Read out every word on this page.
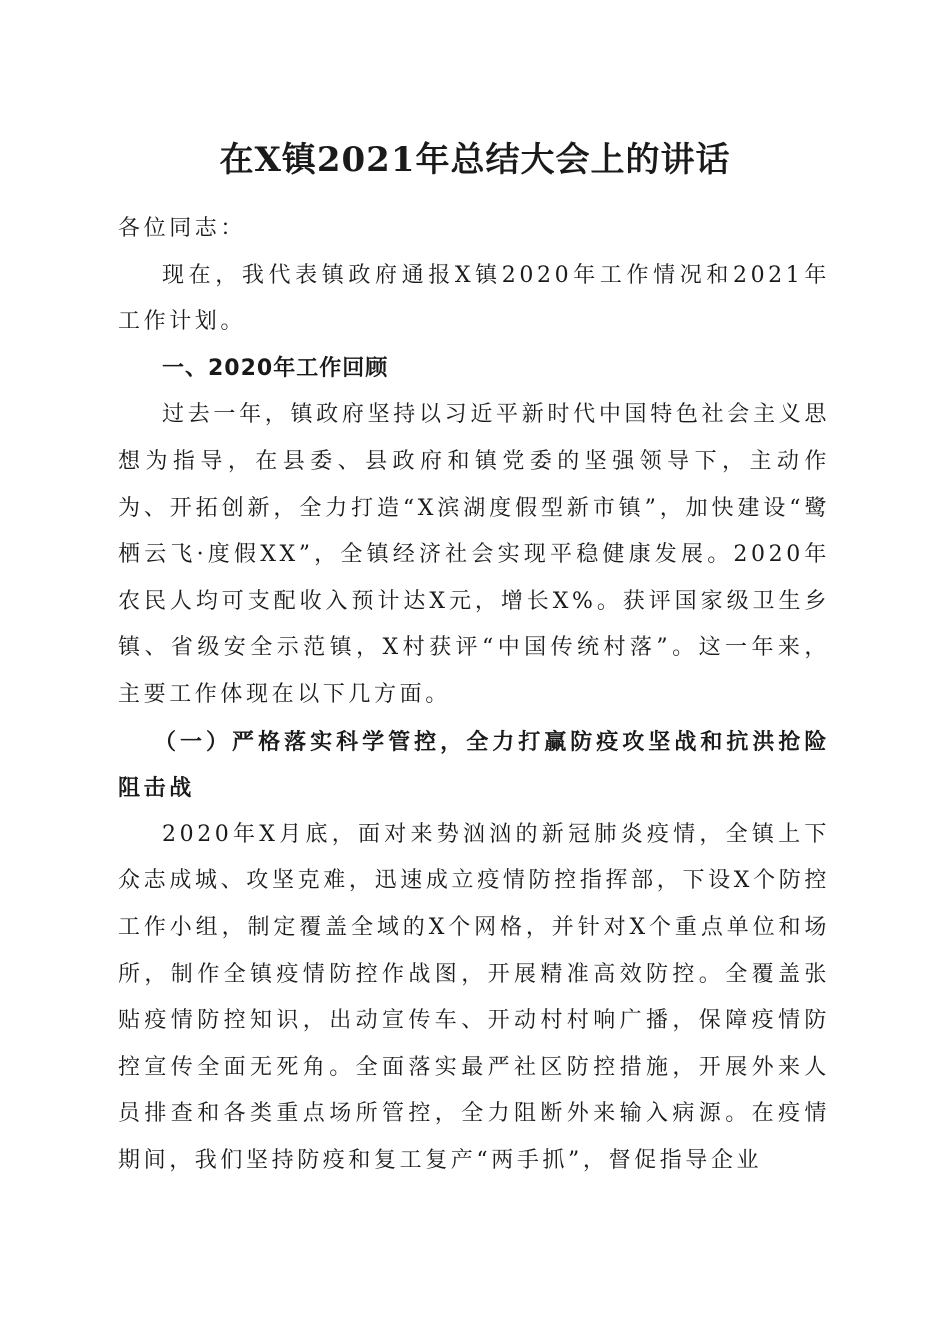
在X镇2021年总结大会上的讲话

各位同志：

现在，我代表镇政府通报X镇2020年工作情况和2021年工作计划。

一、2020年工作回顾

过去一年，镇政府坚持以习近平新时代中国特色社会主义思想为指导，在县委、县政府和镇党委的坚强领导下，主动作为、开拓创新，全力打造“X滨湖度假型新市镇”，加快建设“鹭栖云飞·度假XX”，全镇经济社会实现平稳健康发展。2020年农民人均可支配收入预计达X元，增长X%。获评国家级卫生乡镇、省级安全示范镇，X村获评“中国传统村落”。这一年来，主要工作体现在以下几方面。

（一）严格落实科学管控，全力打赢防疫攻坚战和抗洪抢险阻击战

2020年X月底，面对来势汹汹的新冠肺炎疫情，全镇上下众志成城、攻坚克难，迅速成立疫情防控指挥部，下设X个防控工作小组，制定覆盖全域的X个网格，并针对X个重点单位和场所，制作全镇疫情防控作战图，开展精准高效防控。全覆盖张贴疫情防控知识，出动宣传车、开动村村响广播，保障疫情防控宣传全面无死角。全面落实最严社区防控措施，开展外来人员排查和各类重点场所管控，全力阻断外来输入病源。在疫情期间，我们坚持防疫和复工复产“两手抓”，督促指导企业
